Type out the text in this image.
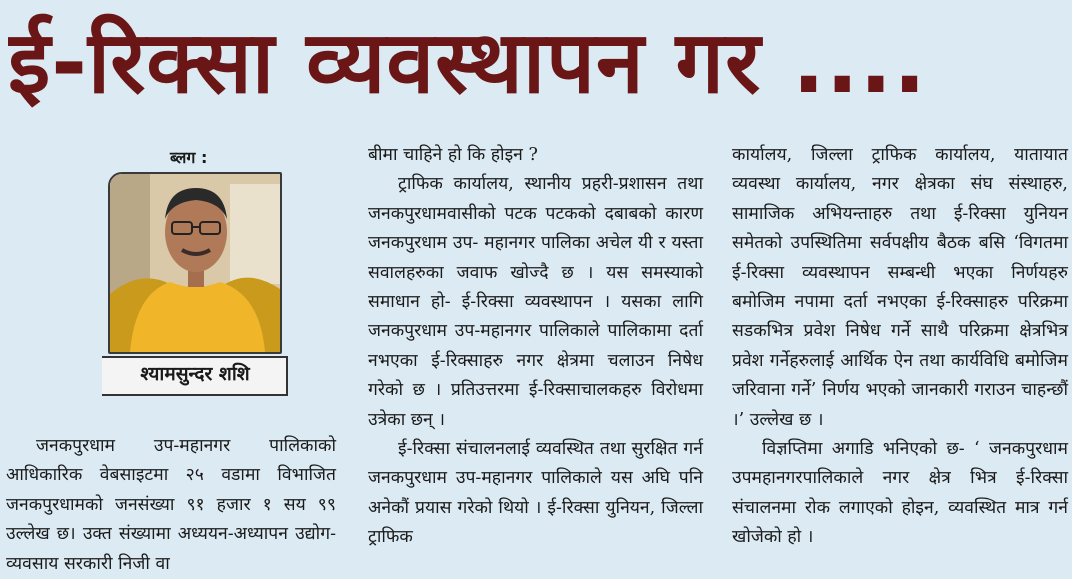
ई-रिक्सा व्यवस्थापन गर ....
ब्लग :
श्यामसुन्दर शशि

जनकपुरधाम उप-महानगर पालिकाको आधिकारिक वेबसाइटमा २५ वडामा विभाजित जनकपुरधामको जनसंख्या ९१ हजार १ सय ९९ उल्लेख छ। उक्त संख्यामा अध्ययन-अध्यापन उद्योग-व्यवसाय सरकारी निजी वा

बीमा चाहिने हो कि होइन ?

ट्राफिक कार्यालय, स्थानीय प्रहरी-प्रशासन तथा जनकपुरधामवासीको पटक पटकको दबाबको कारण जनकपुरधाम उप- महानगर पालिका अचेल यी र यस्ता सवालहरुका जवाफ खोज्दै छ । यस समस्याको समाधान हो- ई-रिक्सा व्यवस्थापन । यसका लागि जनकपुरधाम उप-महानगर पालिकाले पालिकामा दर्ता नभएका ई-रिक्साहरु नगर क्षेत्रमा चलाउन निषेध गरेको छ । प्रतिउत्तरमा ई-रिक्साचालकहरु विरोधमा उत्रेका छन् ।

ई-रिक्सा संचालनलाई व्यवस्थित तथा सुरक्षित गर्न जनकपुरधाम उप-महानगर पालिकाले यस अघि पनि अनेकौं प्रयास गरेको थियो । ई-रिक्सा युनियन, जिल्ला ट्राफिक

कार्यालय, जिल्ला ट्राफिक कार्यालय, यातायात व्यवस्था कार्यालय, नगर क्षेत्रका संघ संस्थाहरु, सामाजिक अभियन्ताहरु तथा ई-रिक्सा युनियन समेतको उपस्थितिमा सर्वपक्षीय बैठक बसि ‘विगतमा ई-रिक्सा व्यवस्थापन सम्बन्धी भएका निर्णयहरु बमोजिम नपामा दर्ता नभएका ई-रिक्साहरु परिक्रमा सडकभित्र प्रवेश निषेध गर्ने साथै परिक्रमा क्षेत्रभित्र प्रवेश गर्नेहरुलाई आर्थिक ऐन तथा कार्यविधि बमोजिम जरिवाना गर्ने’ निर्णय भएको जानकारी गराउन चाहन्छौं ।’ उल्लेख छ ।

विज्ञप्तिमा अगाडि भनिएको छ- ‘ जनकपुरधाम उपमहानगरपालिकाले नगर क्षेत्र भित्र ई-रिक्सा संचालनमा रोक लगाएको होइन, व्यवस्थित मात्र गर्न खोजेको हो ।
